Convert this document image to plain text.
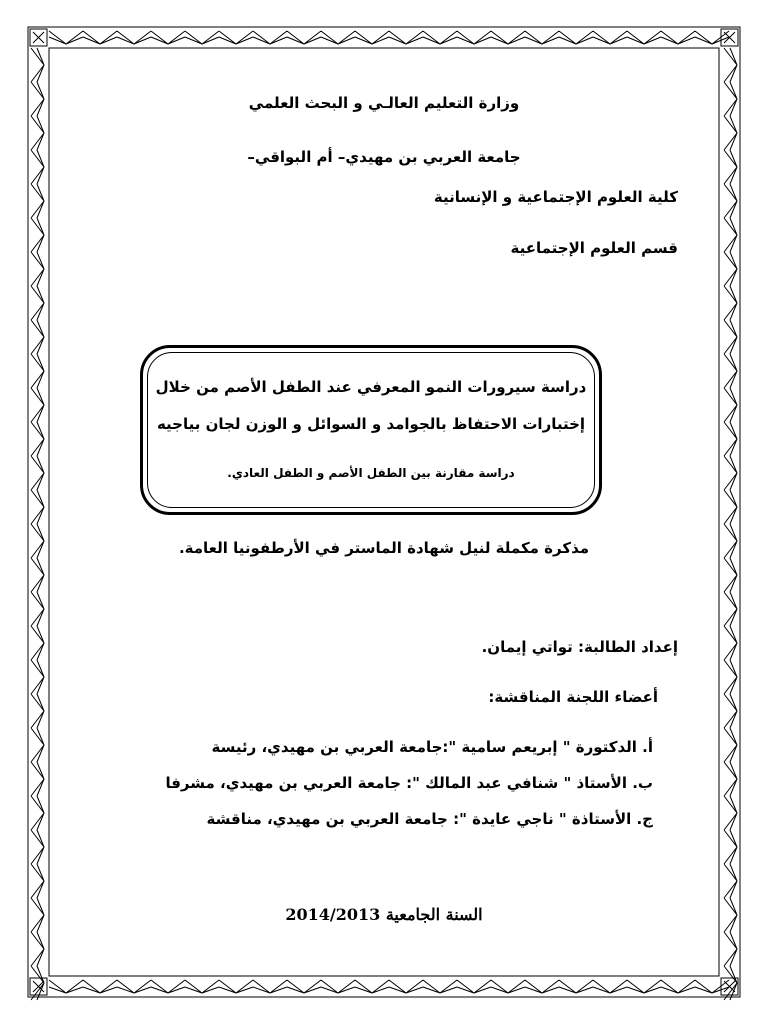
وزارة التعليم العالـي و البحث العلمي
جامعة العربي بن مهيدي– أم البواقي–
كلية العلوم الإجتماعية و الإنسانية
قسم العلوم الإجتماعية
دراسة سيرورات النمو المعرفي عند الطفل الأصم من خلال
إختبارات الاحتفاظ بالجوامد و السوائل و الوزن لجان بياجيه
دراسة مقارنة بين الطفل الأصم و الطفل العادي.
مذكرة مكملة لنيل شهادة الماستر في الأرطفونيا العامة.
إعداد الطالبة: تواتي إيمان.
أعضاء اللجنة المناقشة:
أ. الدكتورة " إبريعم سامية ":جامعة العربي بن مهيدي، رئيسة
ب. الأستاذ " شنافي عبد المالك ": جامعة العربي بن مهيدي، مشرفا
ج. الأستاذة " ناجي عايدة ": جامعة العربي بن مهيدي، مناقشة
السنة الجامعية 2014/2013
